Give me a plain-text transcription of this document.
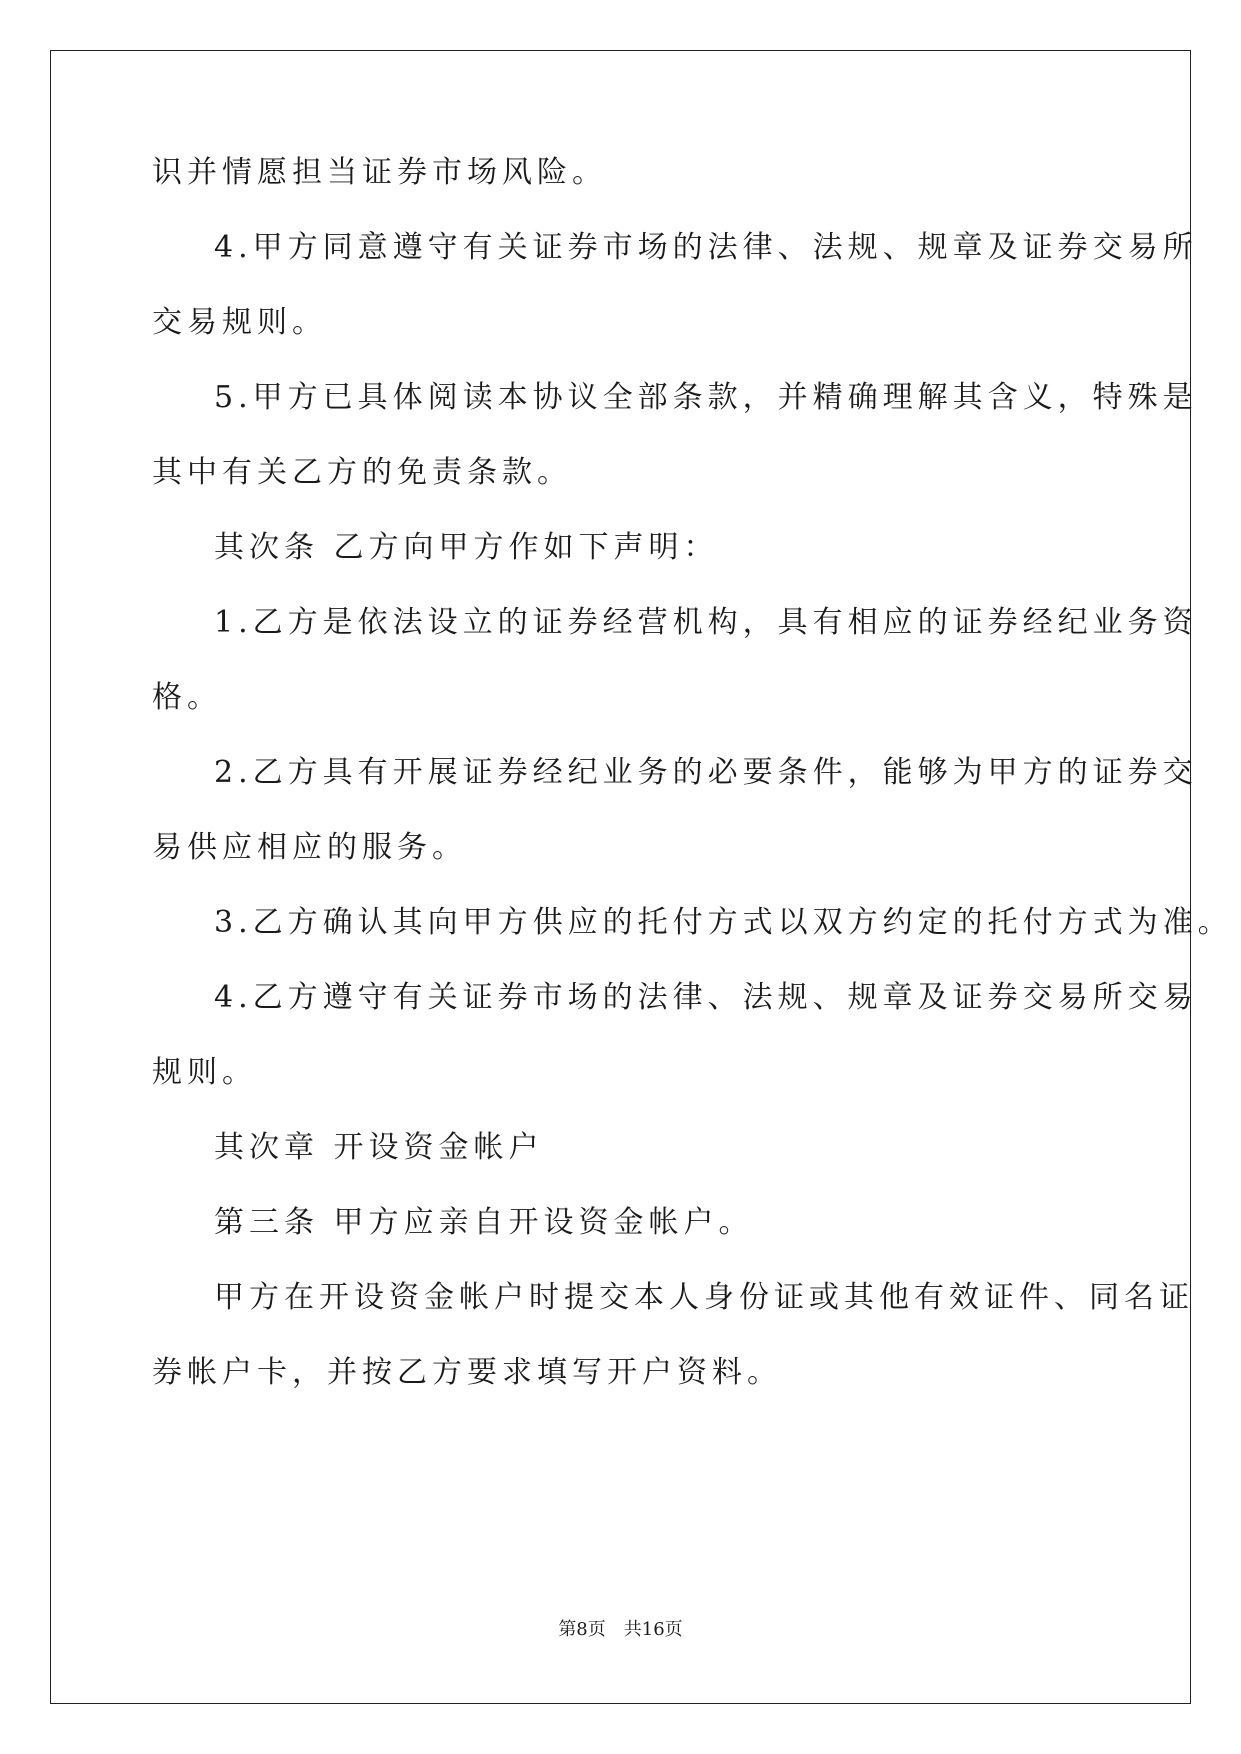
识并情愿担当证券市场风险。
4.甲方同意遵守有关证券市场的法律、法规、规章及证券交易所
交易规则。
5.甲方已具体阅读本协议全部条款，并精确理解其含义，特殊是
其中有关乙方的免责条款。
其次条 乙方向甲方作如下声明：
1.乙方是依法设立的证券经营机构，具有相应的证券经纪业务资
格。
2.乙方具有开展证券经纪业务的必要条件，能够为甲方的证券交
易供应相应的服务。
3.乙方确认其向甲方供应的托付方式以双方约定的托付方式为准。
4.乙方遵守有关证券市场的法律、法规、规章及证券交易所交易
规则。
其次章 开设资金帐户
第三条 甲方应亲自开设资金帐户。
甲方在开设资金帐户时提交本人身份证或其他有效证件、同名证
券帐户卡，并按乙方要求填写开户资料。
第8页　共16页
